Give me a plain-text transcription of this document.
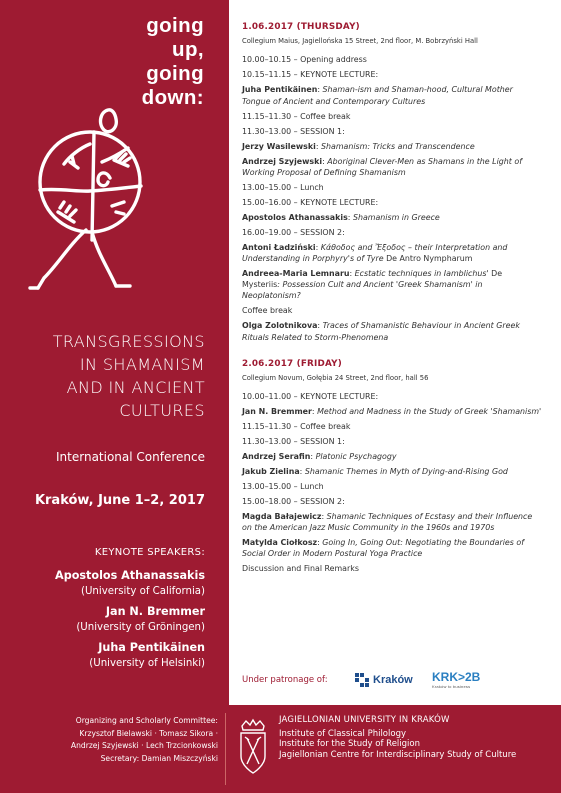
going
up,
going
down:
TRANSGRESSIONS
IN SHAMANISM
AND IN ANCIENT
CULTURES
International Conference
Kraków, June 1–2, 2017
KEYNOTE SPEAKERS:
Apostolos Athanassakis
(University of California)
Jan N. Bremmer
(University of Gröningen)
Juha Pentikäinen
(University of Helsinki)
1.06.2017 (THURSDAY)
Collegium Maius, Jagiellońska 15 Street, 2nd floor, M. Bobrzyński Hall
10.00–10.15 – Opening address
10.15–11.15 – KEYNOTE LECTURE:
Juha Pentikäinen: Shaman-ism and Shaman-hood, Cultural Mother Tongue of Ancient and Contemporary Cultures
11.15–11.30 – Coffee break
11.30–13.00 – SESSION 1:
Jerzy Wasilewski: Shamanism: Tricks and Transcendence
Andrzej Szyjewski: Aboriginal Clever-Men as Shamans in the Light of Working Proposal of Defining Shamanism
13.00–15.00 – Lunch
15.00–16.00 – KEYNOTE LECTURE:
Apostolos Athanassakis: Shamanism in Greece
16.00–19.00 – SESSION 2:
Antoni Ładziński: Κάθοδος and Ἔξοδος – their Interpretation and Understanding in Porphyry's of Tyre De Antro Nympharum
Andreea-Maria Lemnaru: Ecstatic techniques in Iamblichus' De Mysteriis: Possession Cult and Ancient 'Greek Shamanism' in Neoplatonism?
Coffee break
Olga Zolotnikova: Traces of Shamanistic Behaviour in Ancient Greek Rituals Related to Storm-Phenomena
2.06.2017 (FRIDAY)
Collegium Novum, Gołębia 24 Street, 2nd floor, hall 56
10.00–11.00 – KEYNOTE LECTURE:
Jan N. Bremmer: Method and Madness in the Study of Greek 'Shamanism'
11.15–11.30 – Coffee break
11.30–13.00 – SESSION 1:
Andrzej Serafin: Platonic Psychagogy
Jakub Zielina: Shamanic Themes in Myth of Dying-and-Rising God
13.00–15.00 – Lunch
15.00–18.00 – SESSION 2:
Magda Bałajewicz: Shamanic Techniques of Ecstasy and their Influence on the American Jazz Music Community in the 1960s and 1970s
Matylda Ciołkosz: Going In, Going Out: Negotiating the Boundaries of Social Order in Modern Postural Yoga Practice
Discussion and Final Remarks
Under patronage of:	Kraków KRK>2B
Kraków to business
Organizing and Scholarly Committee:
Krzysztof Bielawski · Tomasz Sikora ·
Andrzej Szyjewski · Lech Trzcionkowski
Secretary: Damian Miszczyński
JAGIELLONIAN UNIVERSITY IN KRAKÓW
Institute of Classical Philology
Institute for the Study of Religion
Jagiellonian Centre for Interdisciplinary Study of Culture
